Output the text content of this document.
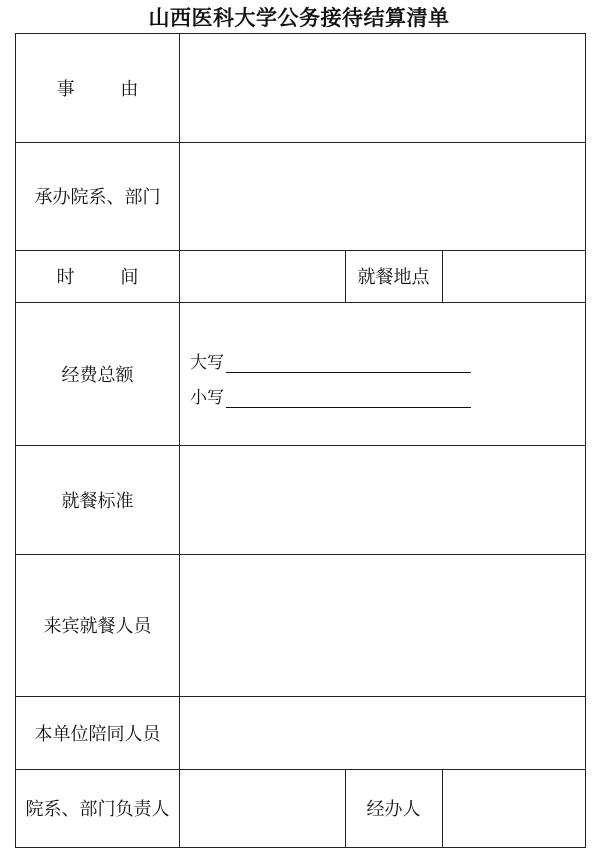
山西医科大学公务接待结算清单
事        由
承办院系、部门
时        间	就餐地点
经费总额
大写
小写
就餐标准
来宾就餐人员
本单位陪同人员
院系、部门负责人	经办人
